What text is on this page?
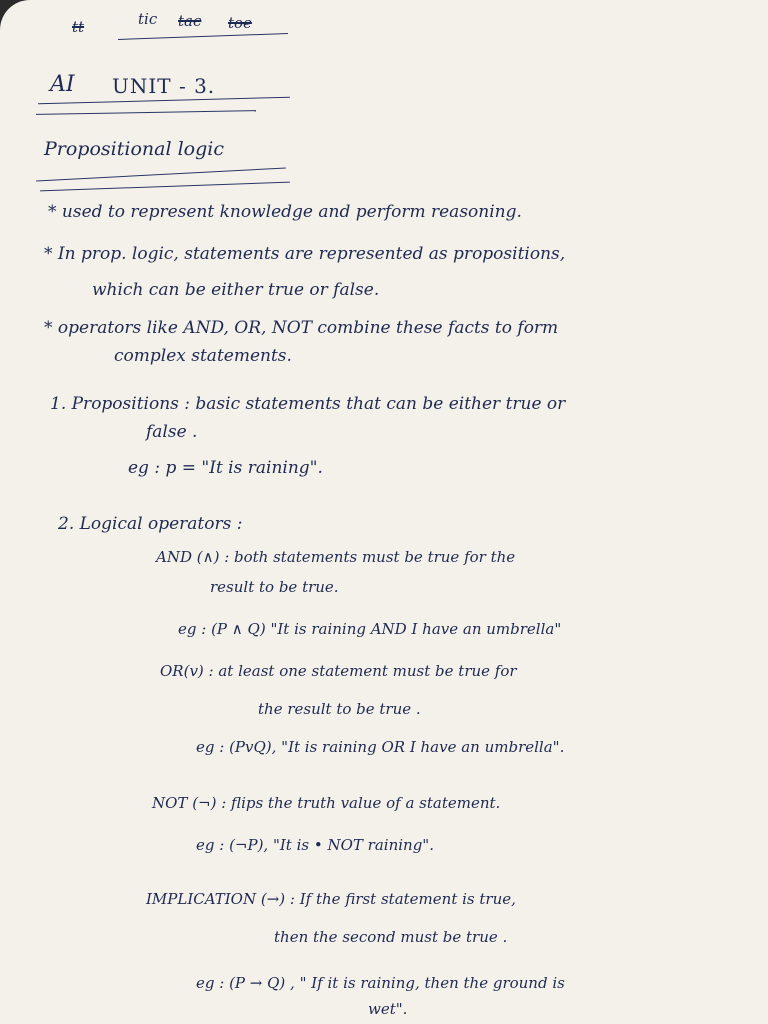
tt	tic tac toe
AI UNIT - 3.
Propositional logic
* used to represent knowledge and perform reasoning.
* In prop. logic, statements are represented as propositions,
which can be either true or false.
* operators like AND, OR, NOT combine these facts to form
complex statements.
1. Propositions : basic statements that can be either true or
false .
eg : p = "It is raining".
2. Logical operators :
AND (∧) : both statements must be true for the
result to be true.
eg : (P ∧ Q) "It is raining AND I have an umbrella"
OR(v) : at least one statement must be true for
the result to be true .
eg : (PvQ), "It is raining OR I have an umbrella".
NOT (¬) : flips the truth value of a statement.
eg : (¬P), "It is • NOT raining".
IMPLICATION (→) : If the first statement is true,
then the second must be true .
eg : (P → Q) , " If it is raining, then the ground is
wet".
